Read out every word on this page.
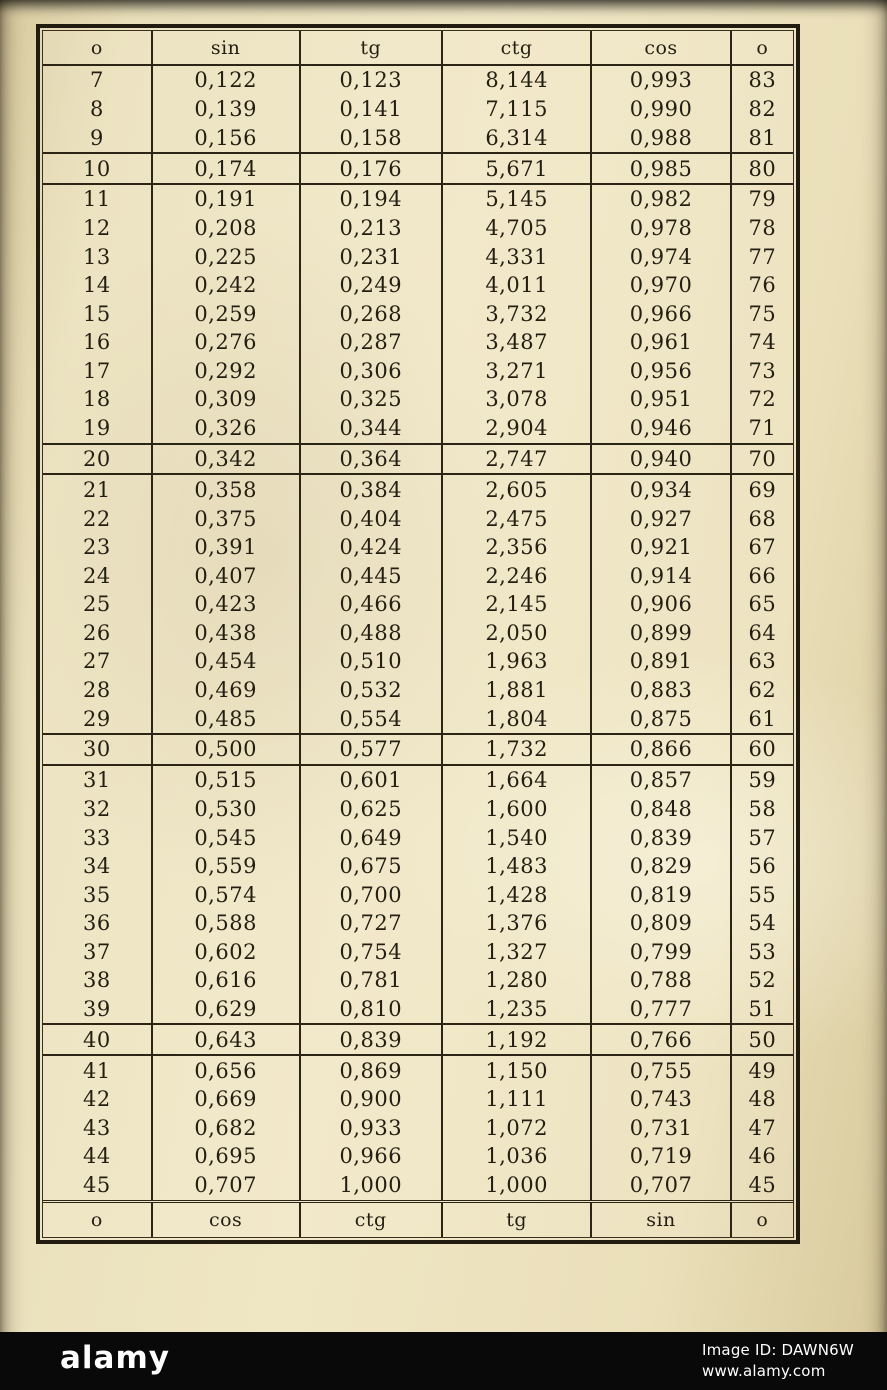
o	sin	tg	ctg	cos	o
7	0,122	0,123	8,144	0,993	83
8	0,139	0,141	7,115	0,990	82
9	0,156	0,158	6,314	0,988	81
10	0,174	0,176	5,671	0,985	80
11	0,191	0,194	5,145	0,982	79
12	0,208	0,213	4,705	0,978	78
13	0,225	0,231	4,331	0,974	77
14	0,242	0,249	4,011	0,970	76
15	0,259	0,268	3,732	0,966	75
16	0,276	0,287	3,487	0,961	74
17	0,292	0,306	3,271	0,956	73
18	0,309	0,325	3,078	0,951	72
19	0,326	0,344	2,904	0,946	71
20	0,342	0,364	2,747	0,940	70
21	0,358	0,384	2,605	0,934	69
22	0,375	0,404	2,475	0,927	68
23	0,391	0,424	2,356	0,921	67
24	0,407	0,445	2,246	0,914	66
25	0,423	0,466	2,145	0,906	65
26	0,438	0,488	2,050	0,899	64
27	0,454	0,510	1,963	0,891	63
28	0,469	0,532	1,881	0,883	62
29	0,485	0,554	1,804	0,875	61
30	0,500	0,577	1,732	0,866	60
31	0,515	0,601	1,664	0,857	59
32	0,530	0,625	1,600	0,848	58
33	0,545	0,649	1,540	0,839	57
34	0,559	0,675	1,483	0,829	56
35	0,574	0,700	1,428	0,819	55
36	0,588	0,727	1,376	0,809	54
37	0,602	0,754	1,327	0,799	53
38	0,616	0,781	1,280	0,788	52
39	0,629	0,810	1,235	0,777	51
40	0,643	0,839	1,192	0,766	50
41	0,656	0,869	1,150	0,755	49
42	0,669	0,900	1,111	0,743	48
43	0,682	0,933	1,072	0,731	47
44	0,695	0,966	1,036	0,719	46
45	0,707	1,000	1,000	0,707	45
o	cos	ctg	tg	sin	o
alamy	Image ID: DAWN6W
www.alamy.com
